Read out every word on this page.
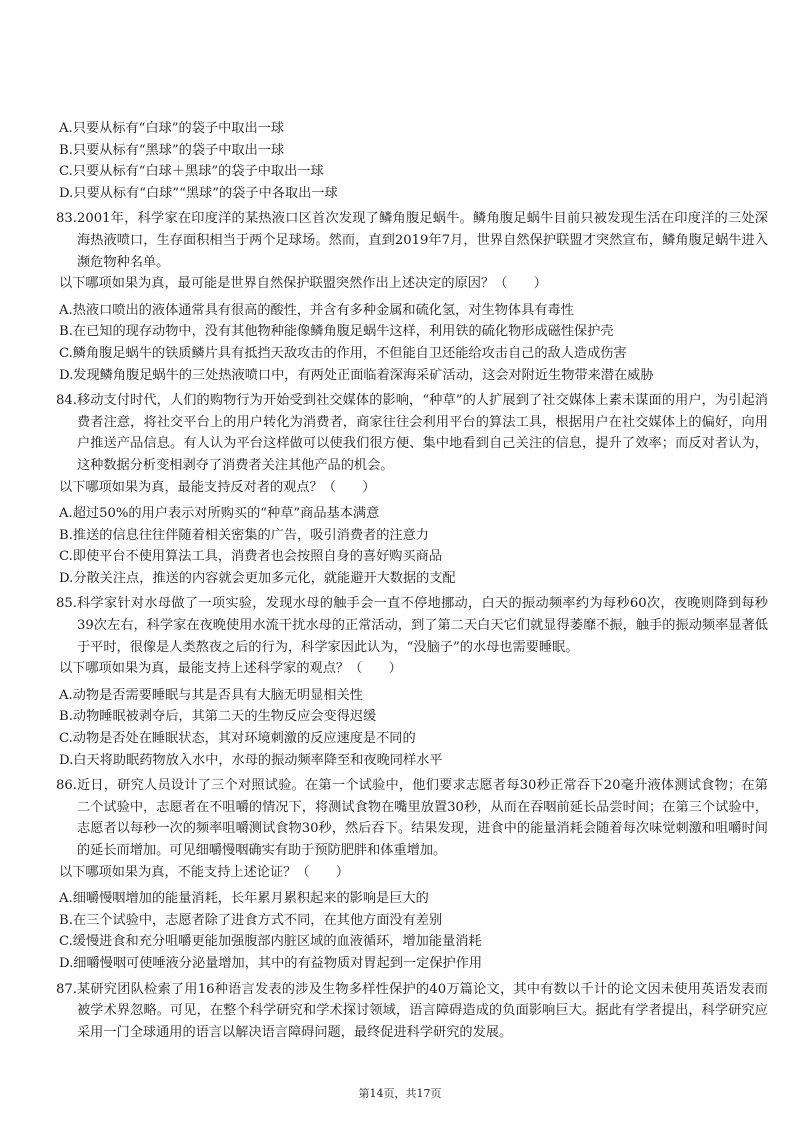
A.只要从标有“白球”的袋子中取出一球
B.只要从标有“黑球”的袋子中取出一球
C.只要从标有“白球＋黑球”的袋子中取出一球
D.只要从标有“白球”“黑球”的袋子中各取出一球
83. 2001年，科学家在印度洋的某热液口区首次发现了鳞角腹足蜗牛。鳞角腹足蜗牛目前只被发现生活在印度洋的三处深海热液喷口，生存面积相当于两个足球场。然而，直到2019年7月，世界自然保护联盟才突然宣布，鳞角腹足蜗牛进入濒危物种名单。
以下哪项如果为真，最可能是世界自然保护联盟突然作出上述决定的原因？（　　）
A.热液口喷出的液体通常具有很高的酸性，并含有多种金属和硫化氢，对生物体具有毒性
B.在已知的现存动物中，没有其他物种能像鳞角腹足蜗牛这样，利用铁的硫化物形成磁性保护壳
C.鳞角腹足蜗牛的铁质鳞片具有抵挡天敌攻击的作用，不但能自卫还能给攻击自己的敌人造成伤害
D.发现鳞角腹足蜗牛的三处热液喷口中，有两处正面临着深海采矿活动，这会对附近生物带来潜在威胁
84. 移动支付时代，人们的购物行为开始受到社交媒体的影响，“种草”的人扩展到了社交媒体上素未谋面的用户，为引起消费者注意，将社交平台上的用户转化为消费者，商家往往会利用平台的算法工具，根据用户在社交媒体上的偏好，向用户推送产品信息。有人认为平台这样做可以使我们很方便、集中地看到自己关注的信息，提升了效率；而反对者认为，这种数据分析变相剥夺了消费者关注其他产品的机会。
以下哪项如果为真，最能支持反对者的观点？（　　）
A.超过50%的用户表示对所购买的“种草”商品基本满意
B.推送的信息往往伴随着相关密集的广告，吸引消费者的注意力
C.即使平台不使用算法工具，消费者也会按照自身的喜好购买商品
D.分散关注点，推送的内容就会更加多元化，就能避开大数据的支配
85. 科学家针对水母做了一项实验，发现水母的触手会一直不停地挪动，白天的振动频率约为每秒60次，夜晚则降到每秒39次左右，科学家在夜晚使用水流干扰水母的正常活动，到了第二天白天它们就显得萎靡不振，触手的振动频率显著低于平时，很像是人类熬夜之后的行为，科学家因此认为，“没脑子”的水母也需要睡眠。
以下哪项如果为真，最能支持上述科学家的观点？（　　）
A.动物是否需要睡眠与其是否具有大脑无明显相关性
B.动物睡眠被剥夺后，其第二天的生物反应会变得迟缓
C.动物是否处在睡眠状态，其对环境刺激的反应速度是不同的
D.白天将助眠药物放入水中，水母的振动频率降至和夜晚同样水平
86. 近日，研究人员设计了三个对照试验。在第一个试验中，他们要求志愿者每30秒正常吞下20毫升液体测试食物；在第二个试验中，志愿者在不咀嚼的情况下，将测试食物在嘴里放置30秒，从而在吞咽前延长品尝时间；在第三个试验中，志愿者以每秒一次的频率咀嚼测试食物30秒，然后吞下。结果发现，进食中的能量消耗会随着每次味觉刺激和咀嚼时间的延长而增加。可见细嚼慢咽确实有助于预防肥胖和体重增加。
以下哪项如果为真，不能支持上述论证？（　　）
A.细嚼慢咽增加的能量消耗，长年累月累积起来的影响是巨大的
B.在三个试验中，志愿者除了进食方式不同，在其他方面没有差别
C.缓慢进食和充分咀嚼更能加强腹部内脏区域的血液循环，增加能量消耗
D.细嚼慢咽可使唾液分泌量增加，其中的有益物质对胃起到一定保护作用
87. 某研究团队检索了用16种语言发表的涉及生物多样性保护的40万篇论文，其中有数以千计的论文因未使用英语发表而被学术界忽略。可见，在整个科学研究和学术探讨领域，语言障碍造成的负面影响巨大。据此有学者提出，科学研究应采用一门全球通用的语言以解决语言障碍问题，最终促进科学研究的发展。
第14页，共17页
